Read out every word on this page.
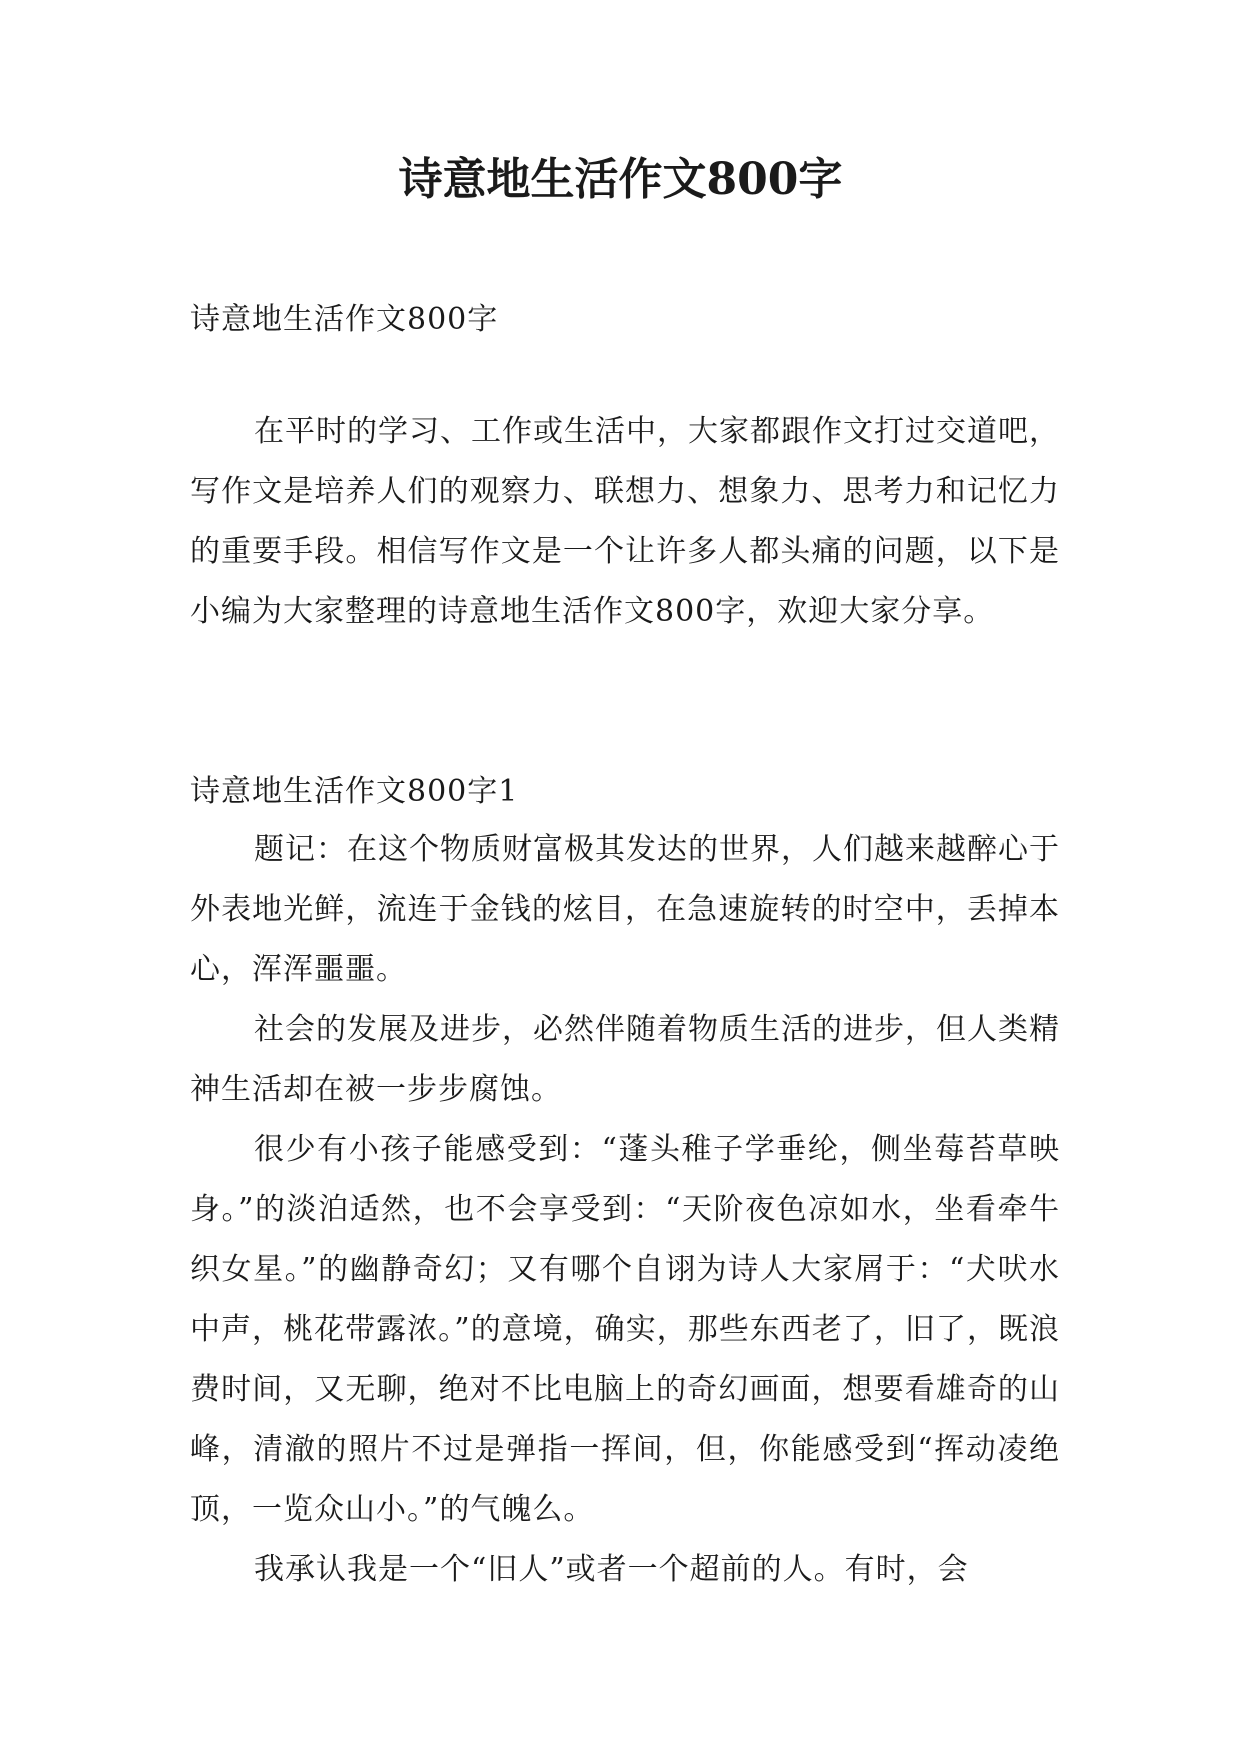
诗意地生活作文800字

诗意地生活作文800字

在平时的学习、工作或生活中，大家都跟作文打过交道吧，写作文是培养人们的观察力、联想力、想象力、思考力和记忆力的重要手段。相信写作文是一个让许多人都头痛的问题，以下是小编为大家整理的诗意地生活作文800字，欢迎大家分享。

诗意地生活作文800字1

题记：在这个物质财富极其发达的世界，人们越来越醉心于外表地光鲜，流连于金钱的炫目，在急速旋转的时空中，丢掉本心，浑浑噩噩。

社会的发展及进步，必然伴随着物质生活的进步，但人类精神生活却在被一步步腐蚀。

很少有小孩子能感受到：“蓬头稚子学垂纶，侧坐莓苔草映身。”的淡泊适然，也不会享受到：“天阶夜色凉如水，坐看牵牛织女星。”的幽静奇幻；又有哪个自诩为诗人大家屑于：“犬吠水中声，桃花带露浓。”的意境，确实，那些东西老了，旧了，既浪费时间，又无聊，绝对不比电脑上的奇幻画面，想要看雄奇的山峰，清澈的照片不过是弹指一挥间，但，你能感受到“挥动凌绝顶，一览众山小。”的气魄么。

我承认我是一个“旧人”或者一个超前的人。有时，会
